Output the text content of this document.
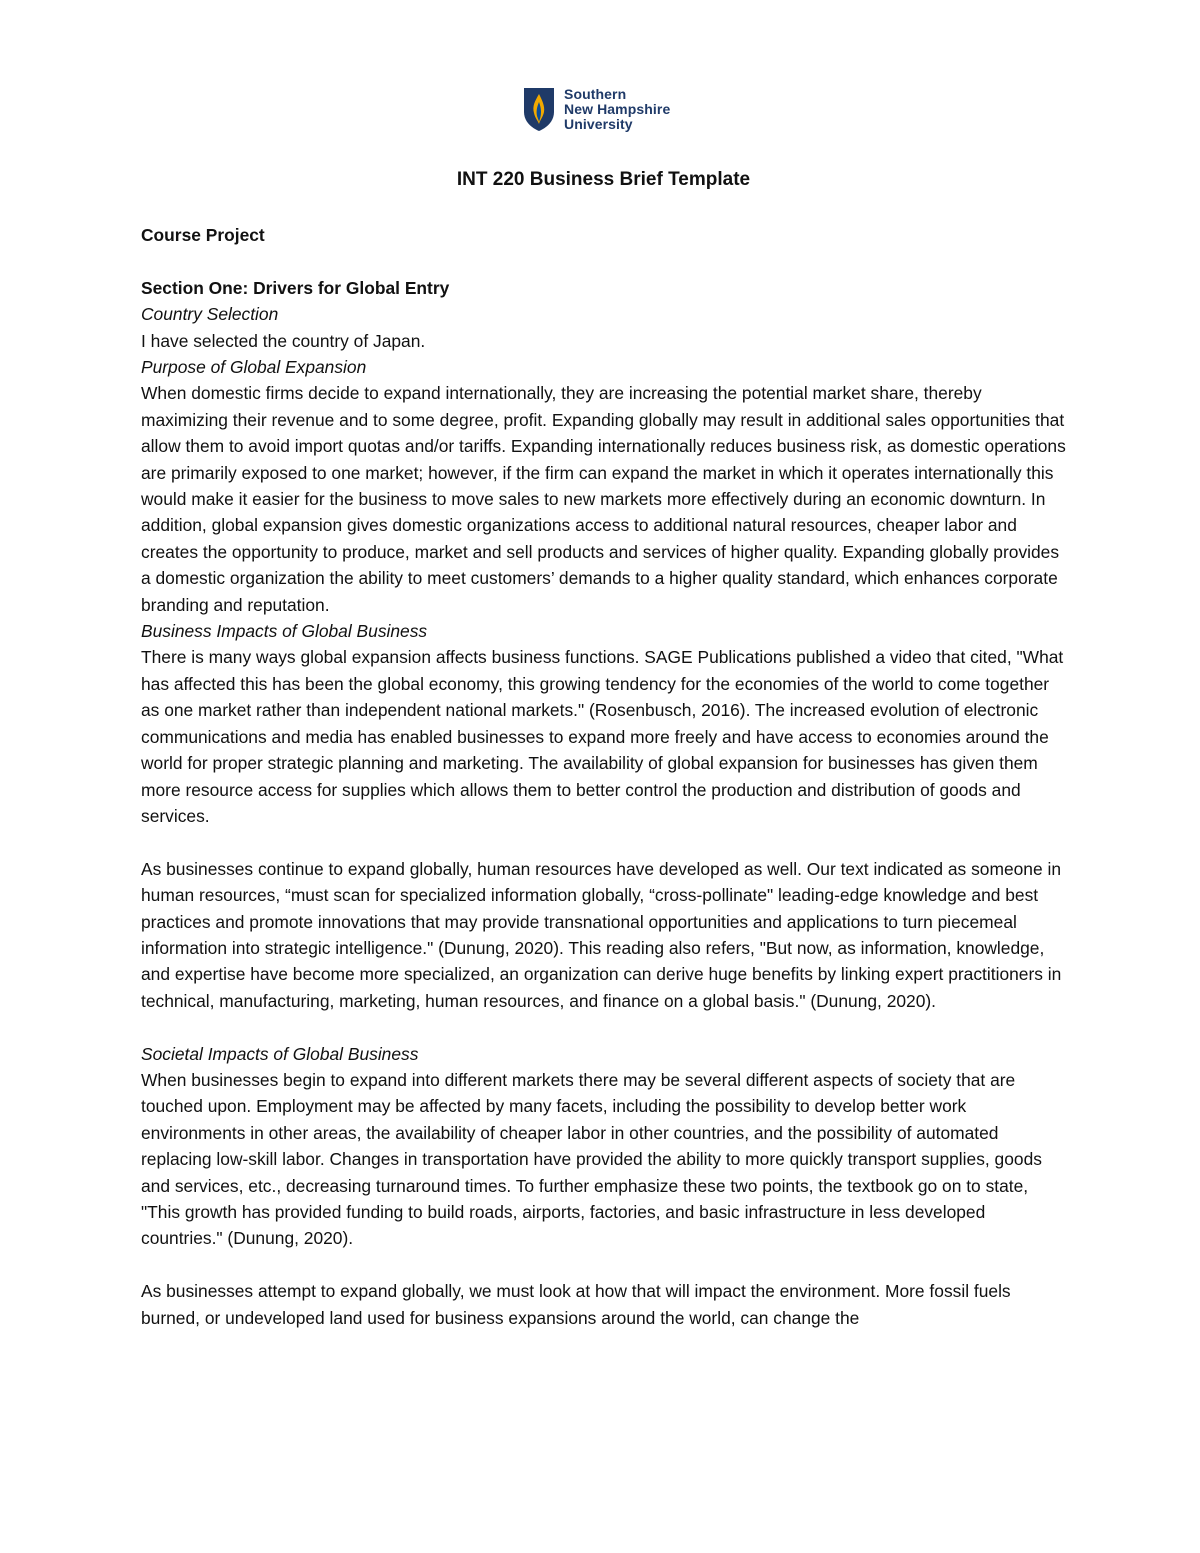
Southern
New Hampshire
University
INT 220 Business Brief Template

Course Project

Section One: Drivers for Global Entry

Country Selection

I have selected the country of Japan.

Purpose of Global Expansion

When domestic firms decide to expand internationally, they are increasing the potential market share, thereby maximizing their revenue and to some degree, profit. Expanding globally may result in additional sales opportunities that allow them to avoid import quotas and/or tariffs. Expanding internationally reduces business risk, as domestic operations are primarily exposed to one market; however, if the firm can expand the market in which it operates internationally this would make it easier for the business to move sales to new markets more effectively during an economic downturn. In addition, global expansion gives domestic organizations access to additional natural resources, cheaper labor and creates the opportunity to produce, market and sell products and services of higher quality. Expanding globally provides a domestic organization the ability to meet customers’ demands to a higher quality standard, which enhances corporate branding and reputation.

Business Impacts of Global Business

There is many ways global expansion affects business functions. SAGE Publications published a video that cited, "What has affected this has been the global economy, this growing tendency for the economies of the world to come together as one market rather than independent national markets." (Rosenbusch, 2016). The increased evolution of electronic communications and media has enabled businesses to expand more freely and have access to economies around the world for proper strategic planning and marketing. The availability of global expansion for businesses has given them more resource access for supplies which allows them to better control the production and distribution of goods and services.

As businesses continue to expand globally, human resources have developed as well. Our text indicated as someone in human resources, “must scan for specialized information globally, “cross-pollinate" leading-edge knowledge and best practices and promote innovations that may provide transnational opportunities and applications to turn piecemeal information into strategic intelligence." (Dunung, 2020). This reading also refers, "But now, as information, knowledge, and expertise have become more specialized, an organization can derive huge benefits by linking expert practitioners in technical, manufacturing, marketing, human resources, and finance on a global basis." (Dunung, 2020).

Societal Impacts of Global Business

When businesses begin to expand into different markets there may be several different aspects of society that are touched upon. Employment may be affected by many facets, including the possibility to develop better work environments in other areas, the availability of cheaper labor in other countries, and the possibility of automated replacing low-skill labor. Changes in transportation have provided the ability to more quickly transport supplies, goods and services, etc., decreasing turnaround times. To further emphasize these two points, the textbook go on to state, "This growth has provided funding to build roads, airports, factories, and basic infrastructure in less developed countries." (Dunung, 2020).

As businesses attempt to expand globally, we must look at how that will impact the environment. More fossil fuels burned, or undeveloped land used for business expansions around the world, can change the
